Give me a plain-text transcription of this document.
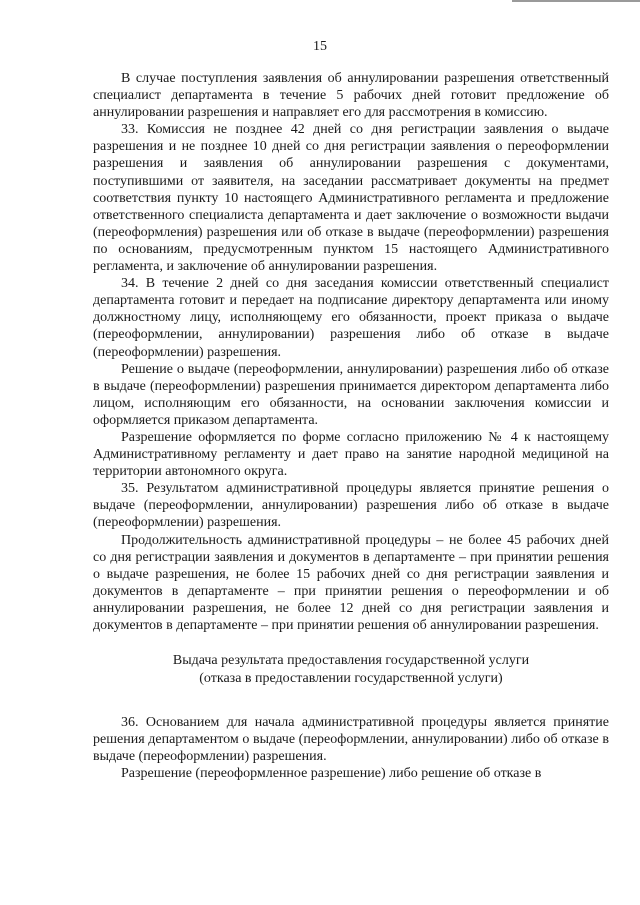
15

В случае поступления заявления об аннулировании разрешения ответственный специалист департамента в течение 5 рабочих дней готовит предложение об аннулировании разрешения и направляет его для рассмотрения в комиссию.

33. Комиссия не позднее 42 дней со дня регистрации заявления о выдаче разрешения и не позднее 10 дней со дня регистрации заявления о переоформлении разрешения и заявления об аннулировании разрешения с документами, поступившими от заявителя, на заседании рассматривает документы на предмет соответствия пункту 10 настоящего Административного регламента и предложение ответственного специалиста департамента и дает заключение о возможности выдачи (переоформления) разрешения или об отказе в выдаче (переоформлении) разрешения по основаниям, предусмотренным пунктом 15 настоящего Административного регламента, и заключение об аннулировании разрешения.

34. В течение 2 дней со дня заседания комиссии ответственный специалист департамента готовит и передает на подписание директору департамента или иному должностному лицу, исполняющему его обязанности, проект приказа о выдаче (переоформлении, аннулировании) разрешения либо об отказе в выдаче (переоформлении) разрешения.

Решение о выдаче (переоформлении, аннулировании) разрешения либо об отказе в выдаче (переоформлении) разрешения принимается директором департамента либо лицом, исполняющим его обязанности, на основании заключения комиссии и оформляется приказом департамента.

Разрешение оформляется по форме согласно приложению № 4 к настоящему Административному регламенту и дает право на занятие народной медициной на территории автономного округа.

35. Результатом административной процедуры является принятие решения о выдаче (переоформлении, аннулировании) разрешения либо об отказе в выдаче (переоформлении) разрешения.

Продолжительность административной процедуры – не более 45 рабочих дней со дня регистрации заявления и документов в департаменте – при принятии решения о выдаче разрешения, не более 15 рабочих дней со дня регистрации заявления и документов в департаменте – при принятии решения о переоформлении и об аннулировании разрешения, не более 12 дней со дня регистрации заявления и документов в департаменте – при принятии решения об аннулировании разрешения.

Выдача результата предоставления государственной услуги
(отказа в предоставлении государственной услуги)

36. Основанием для начала административной процедуры является принятие решения департаментом о выдаче (переоформлении, аннулировании) либо об отказе в выдаче (переоформлении) разрешения.

Разрешение (переоформленное разрешение) либо решение об отказе в
